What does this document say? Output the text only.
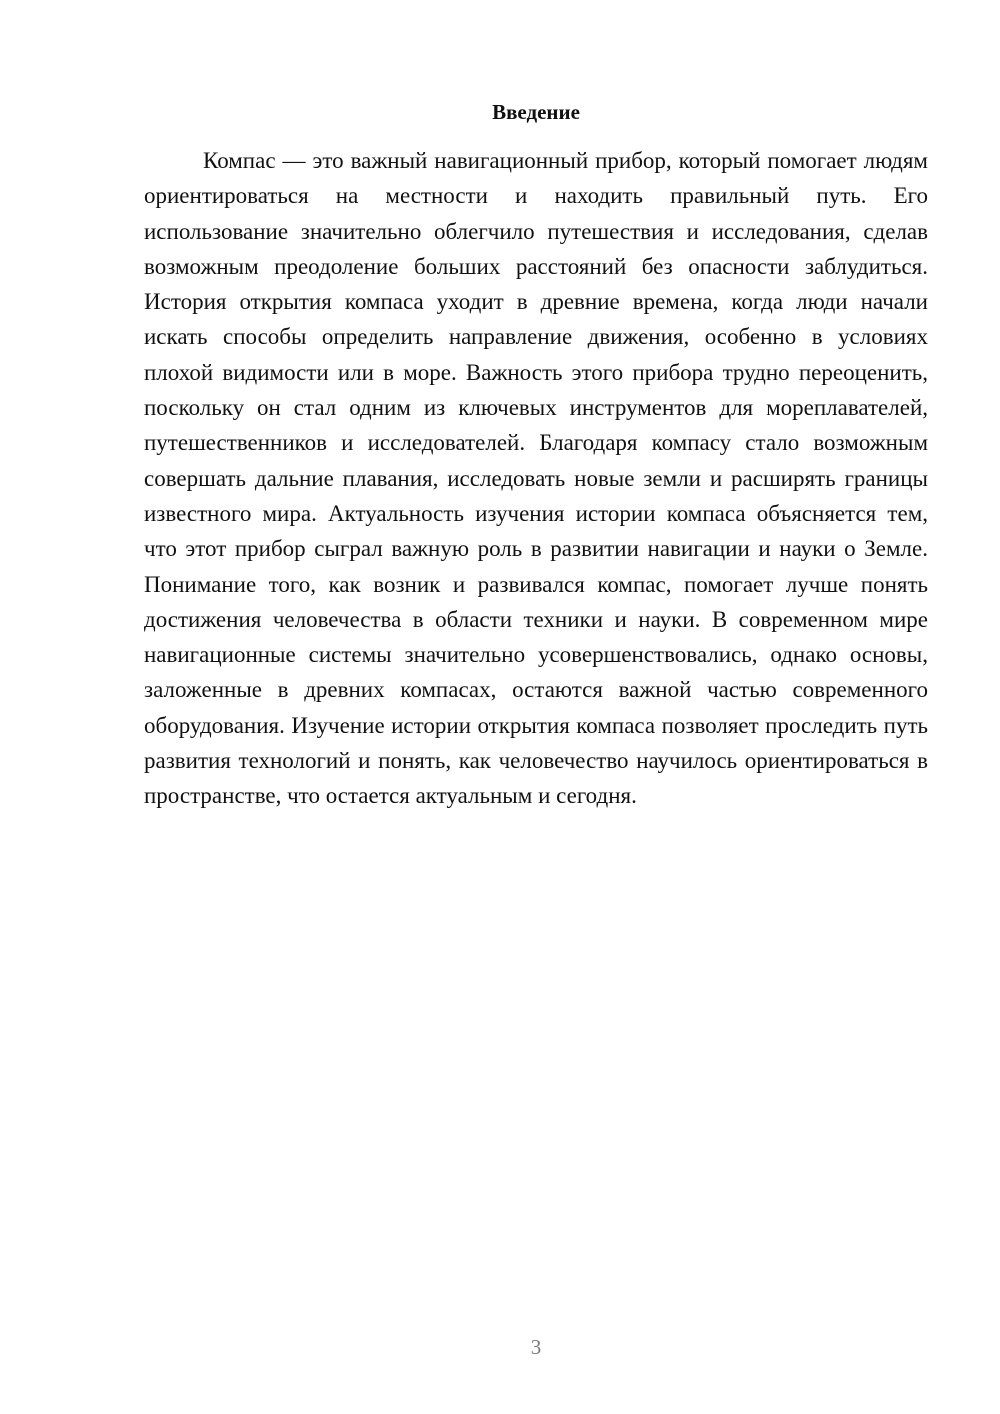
Введение

Компас — это важный навигационный прибор, который помогает людям ориентироваться на местности и находить правильный путь. Его использование значительно облегчило путешествия и исследования, сделав возможным преодоление больших расстояний без опасности заблудиться. История открытия компаса уходит в древние времена, когда люди начали искать способы определить направление движения, особенно в условиях плохой видимости или в море. Важность этого прибора трудно переоценить, поскольку он стал одним из ключевых инструментов для мореплавателей, путешественников и исследователей. Благодаря компасу стало возможным совершать дальние плавания, исследовать новые земли и расширять границы известного мира. Актуальность изучения истории компаса объясняется тем, что этот прибор сыграл важную роль в развитии навигации и науки о Земле. Понимание того, как возник и развивался компас, помогает лучше понять достижения человечества в области техники и науки. В современном мире навигационные системы значительно усовершенствовались, однако основы, заложенные в древних компасах, остаются важной частью современного оборудования. Изучение истории открытия компаса позволяет проследить путь развития технологий и понять, как человечество научилось ориентироваться в пространстве, что остается актуальным и сегодня.

3
